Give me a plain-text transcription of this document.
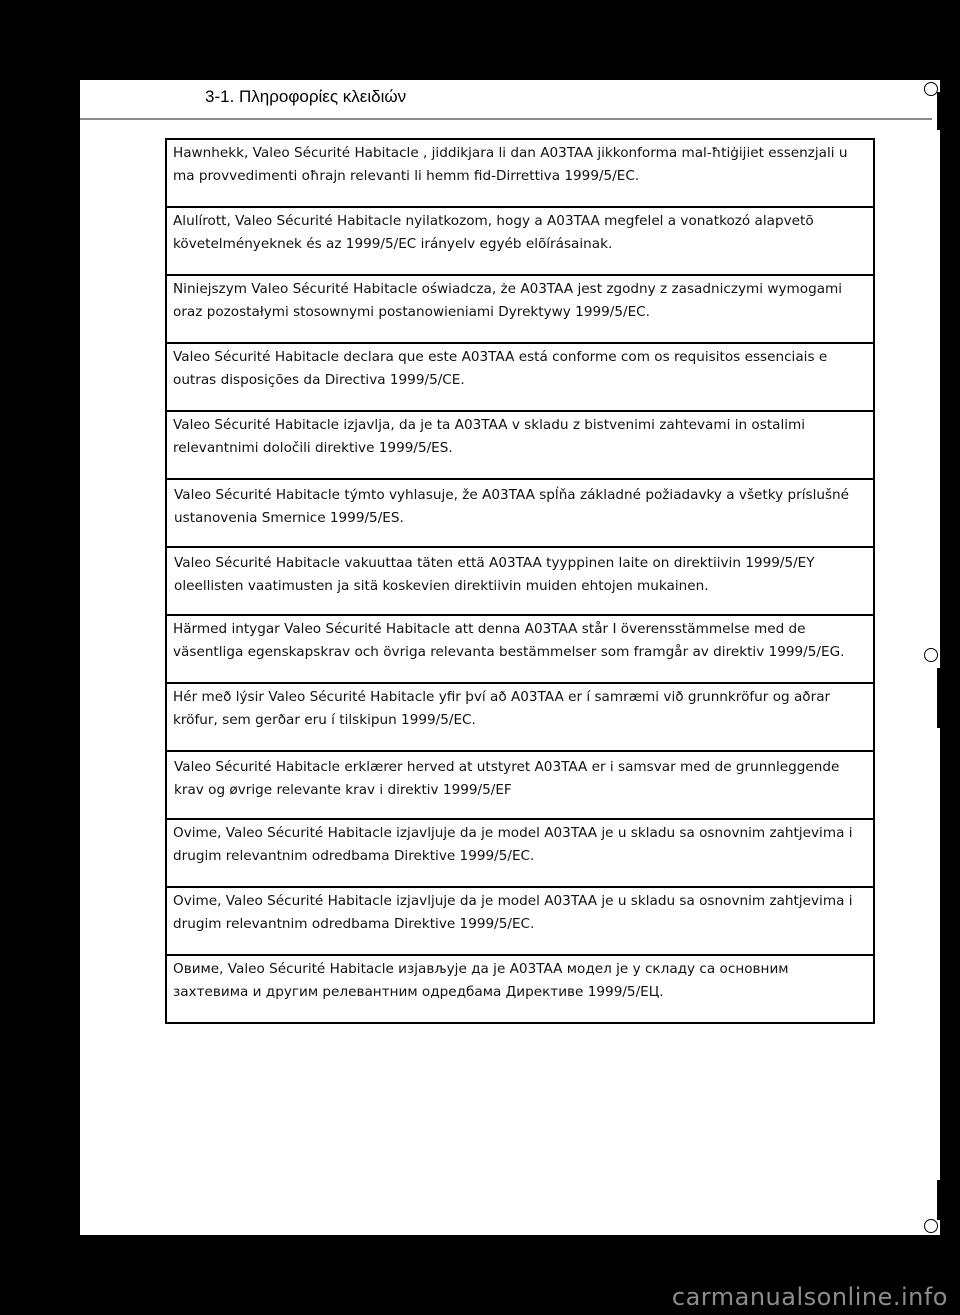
3-1. Πληροφορίες κλειδιών
Hawnhekk, Valeo Sécurité Habitacle , jiddikjara li dan A03TAA jikkonforma mal-ħtiġijiet essenzjali u ma provvedimenti oħrajn relevanti li hemm fid-Dirrettiva 1999/5/EC.
Alulírott, Valeo Sécurité Habitacle nyilatkozom, hogy a A03TAA megfelel a vonatkozó alapvetõ követelményeknek és az 1999/5/EC irányelv egyéb elõírásainak.
Niniejszym Valeo Sécurité Habitacle oświadcza, że A03TAA jest zgodny z zasadniczymi wymogami oraz pozostałymi stosownymi postanowieniami Dyrektywy 1999/5/EC.
Valeo Sécurité Habitacle declara que este A03TAA está conforme com os requisitos essenciais e outras disposições da Directiva 1999/5/CE.
Valeo Sécurité Habitacle izjavlja, da je ta A03TAA v skladu z bistvenimi zahtevami in ostalimi relevantnimi določili direktive 1999/5/ES.
Valeo Sécurité Habitacle týmto vyhlasuje, že A03TAA spĺňa základné požiadavky a všetky príslušné ustanovenia Smernice 1999/5/ES.
Valeo Sécurité Habitacle vakuuttaa täten että A03TAA tyyppinen laite on direktiivin 1999/5/EY oleellisten vaatimusten ja sitä koskevien direktiivin muiden ehtojen mukainen.
Härmed intygar Valeo Sécurité Habitacle att denna A03TAA står I överensstämmelse med de väsentliga egenskapskrav och övriga relevanta bestämmelser som framgår av direktiv 1999/5/EG.
Hér með lýsir Valeo Sécurité Habitacle yfir því að A03TAA er í samræmi við grunnkröfur og aðrar kröfur, sem gerðar eru í tilskipun 1999/5/EC.
Valeo Sécurité Habitacle erklærer herved at utstyret A03TAA er i samsvar med de grunnleggende krav og øvrige relevante krav i direktiv 1999/5/EF
Ovime, Valeo Sécurité Habitacle izjavljuje da je model A03TAA je u skladu sa osnovnim zahtjevima i drugim relevantnim odredbama Direktive 1999/5/EC.
Ovime, Valeo Sécurité Habitacle izjavljuje da je model A03TAA je u skladu sa osnovnim zahtjevima i drugim relevantnim odredbama Direktive 1999/5/EC.
Овиме, Valeo Sécurité Habitacle изјављује да је A03TAA модел је у складу са основним захтевима и другим релевантним одредбама Директиве 1999/5/ЕЦ.
carmanualsonline.info
